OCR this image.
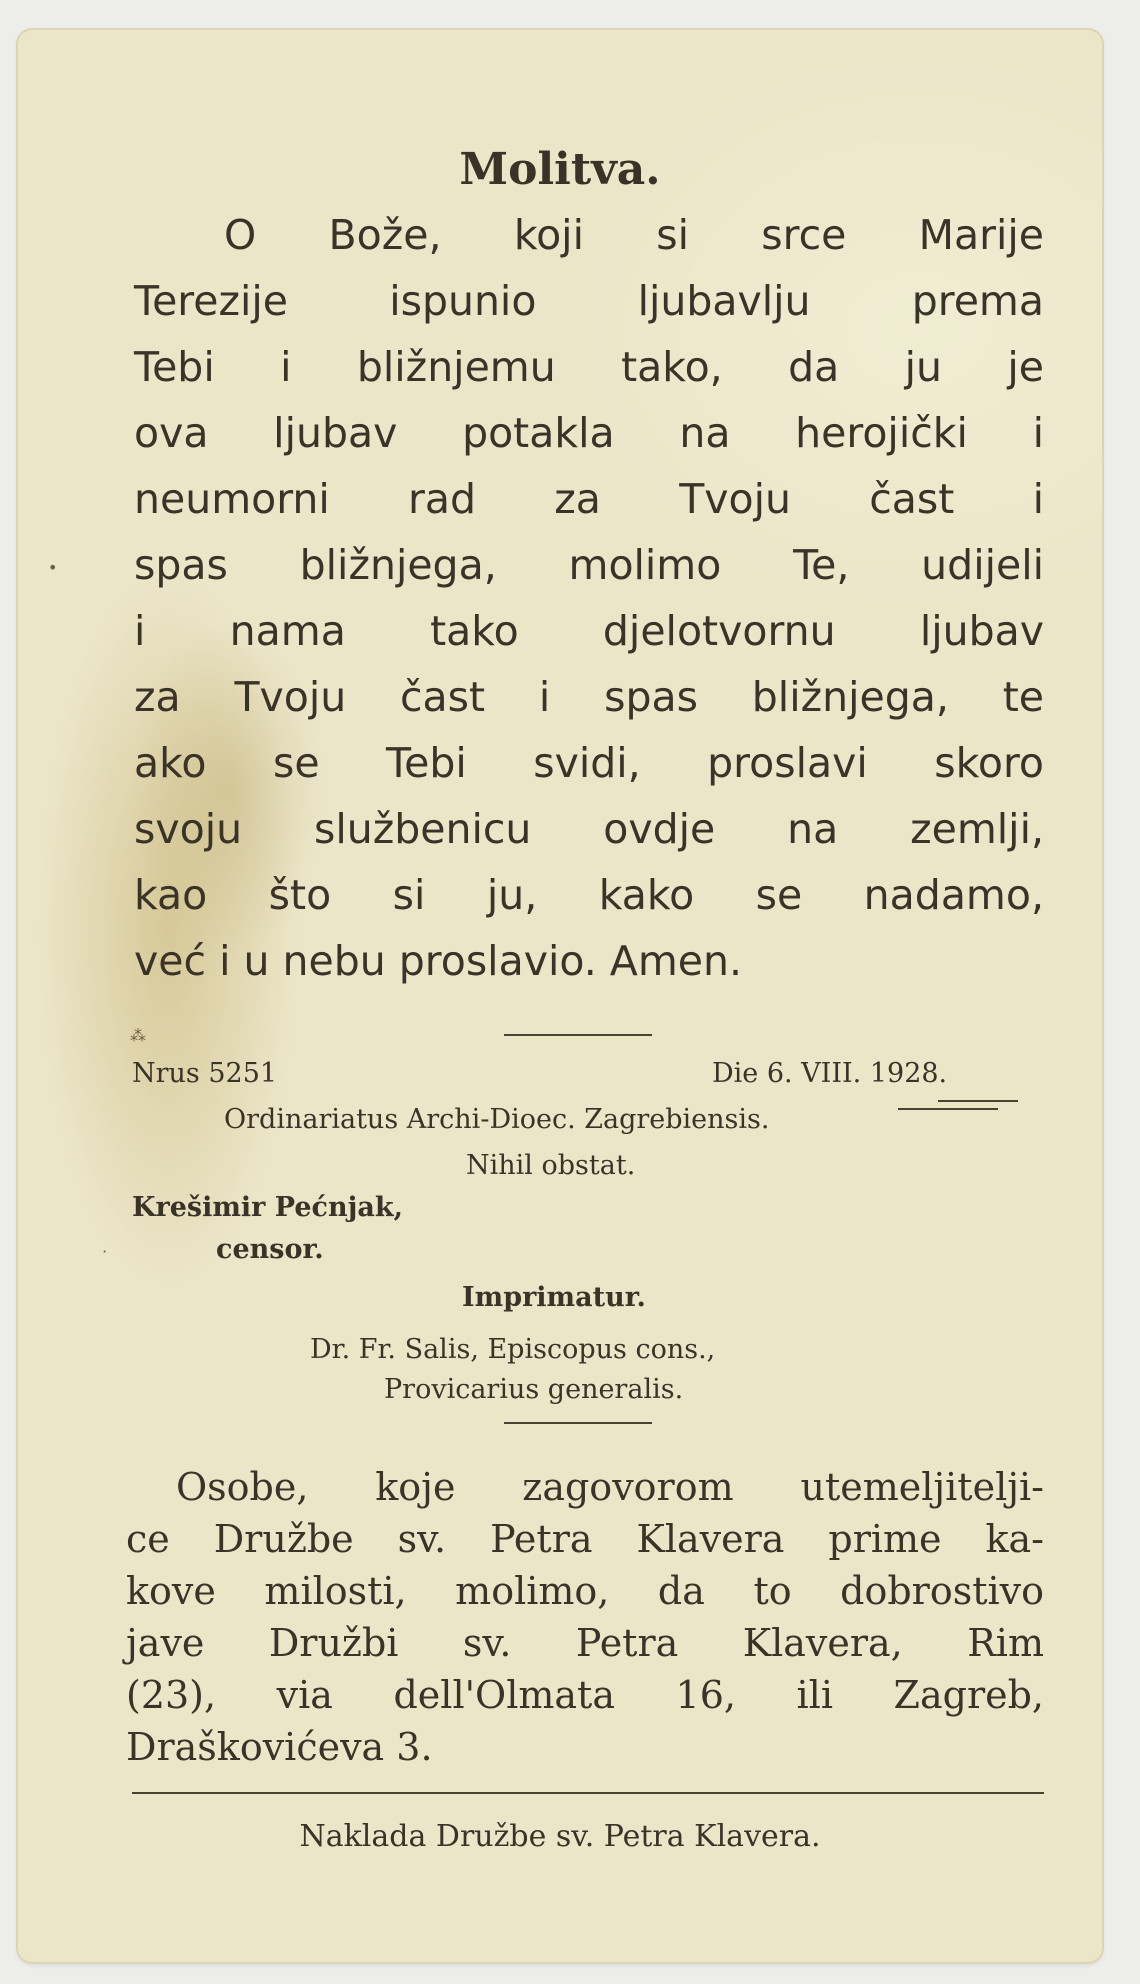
Molitva.

O Bože, koji si srce Marije

Terezije ispunio ljubavlju prema

Tebi i bližnjemu tako, da ju je

ova ljubav potakla na herojički i

neumorni rad za Tvoju čast i

spas bližnjega, molimo Te, udijeli

i nama tako djelotvornu ljubav

za Tvoju čast i spas bližnjega, te

ako se Tebi svidi, proslavi skoro

svoju službenicu ovdje na zemlji,

kao što si ju, kako se nadamo,

već i u nebu proslavio. Amen.

Nrus 5251	Die 6. VIII. 1928.
Ordinariatus Archi-Dioec. Zagrebiensis.
Nihil obstat.
Krešimir Pećnjak,
censor.
Imprimatur.
Dr. Fr. Salis, Episcopus cons.,
Provicarius generalis.

Osobe, koje zagovorom utemeljitelji-

ce Družbe sv. Petra Klavera prime ka-

kove milosti, molimo, da to dobrostivo

jave Družbi sv. Petra Klavera, Rim

(23), via dell'Olmata 16, ili Zagreb,

Draškovićeva 3.

Naklada Družbe sv. Petra Klavera.

•
⁂
·
